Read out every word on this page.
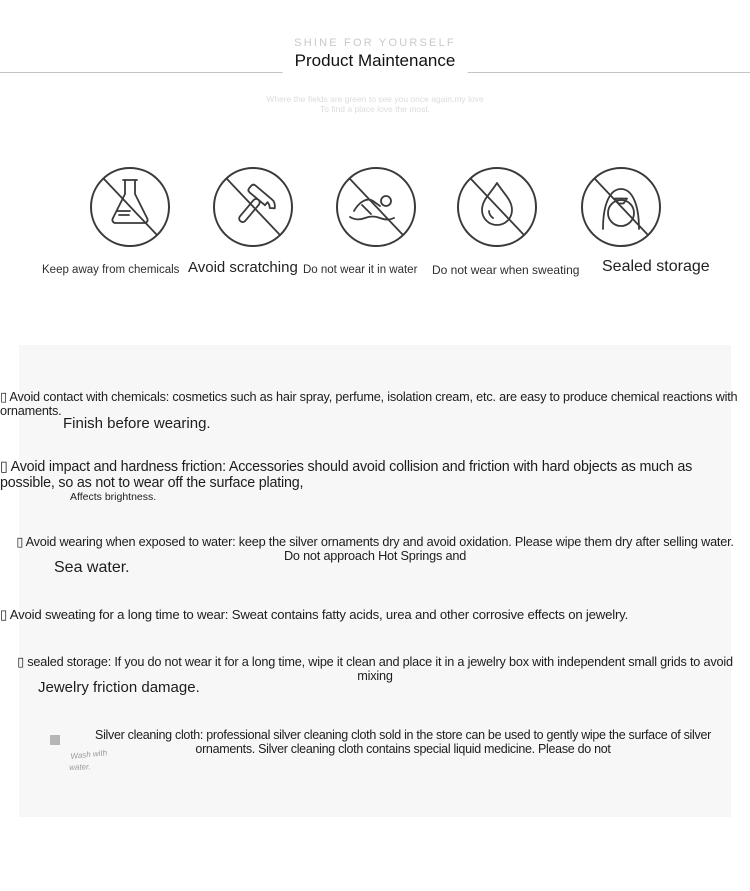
SHINE FOR YOURSELF
Product Maintenance
Where the fields are green to see you once again,my love
To find a place love the most.
Keep away from chemicals Avoid scratching Do not wear it in water Do not wear when sweating Sealed storage
▯ Avoid contact with chemicals: cosmetics such as hair spray, perfume, isolation cream, etc. are easy to produce chemical reactions with ornaments.
Finish before wearing.
▯ Avoid impact and hardness friction: Accessories should avoid collision and friction with hard objects as much as possible, so as not to wear off the surface plating,
Affects brightness.
▯ Avoid wearing when exposed to water: keep the silver ornaments dry and avoid oxidation. Please wipe them dry after selling water. Do not approach Hot Springs and
Sea water.
▯ Avoid sweating for a long time to wear: Sweat contains fatty acids, urea and other corrosive effects on jewelry.
▯ sealed storage: If you do not wear it for a long time, wipe it clean and place it in a jewelry box with independent small grids to avoid mixing
Jewelry friction damage.
Silver cleaning cloth: professional silver cleaning cloth sold in the store can be used to gently wipe the surface of silver ornaments. Silver cleaning cloth contains special liquid medicine. Please do not
Wash with
water.
